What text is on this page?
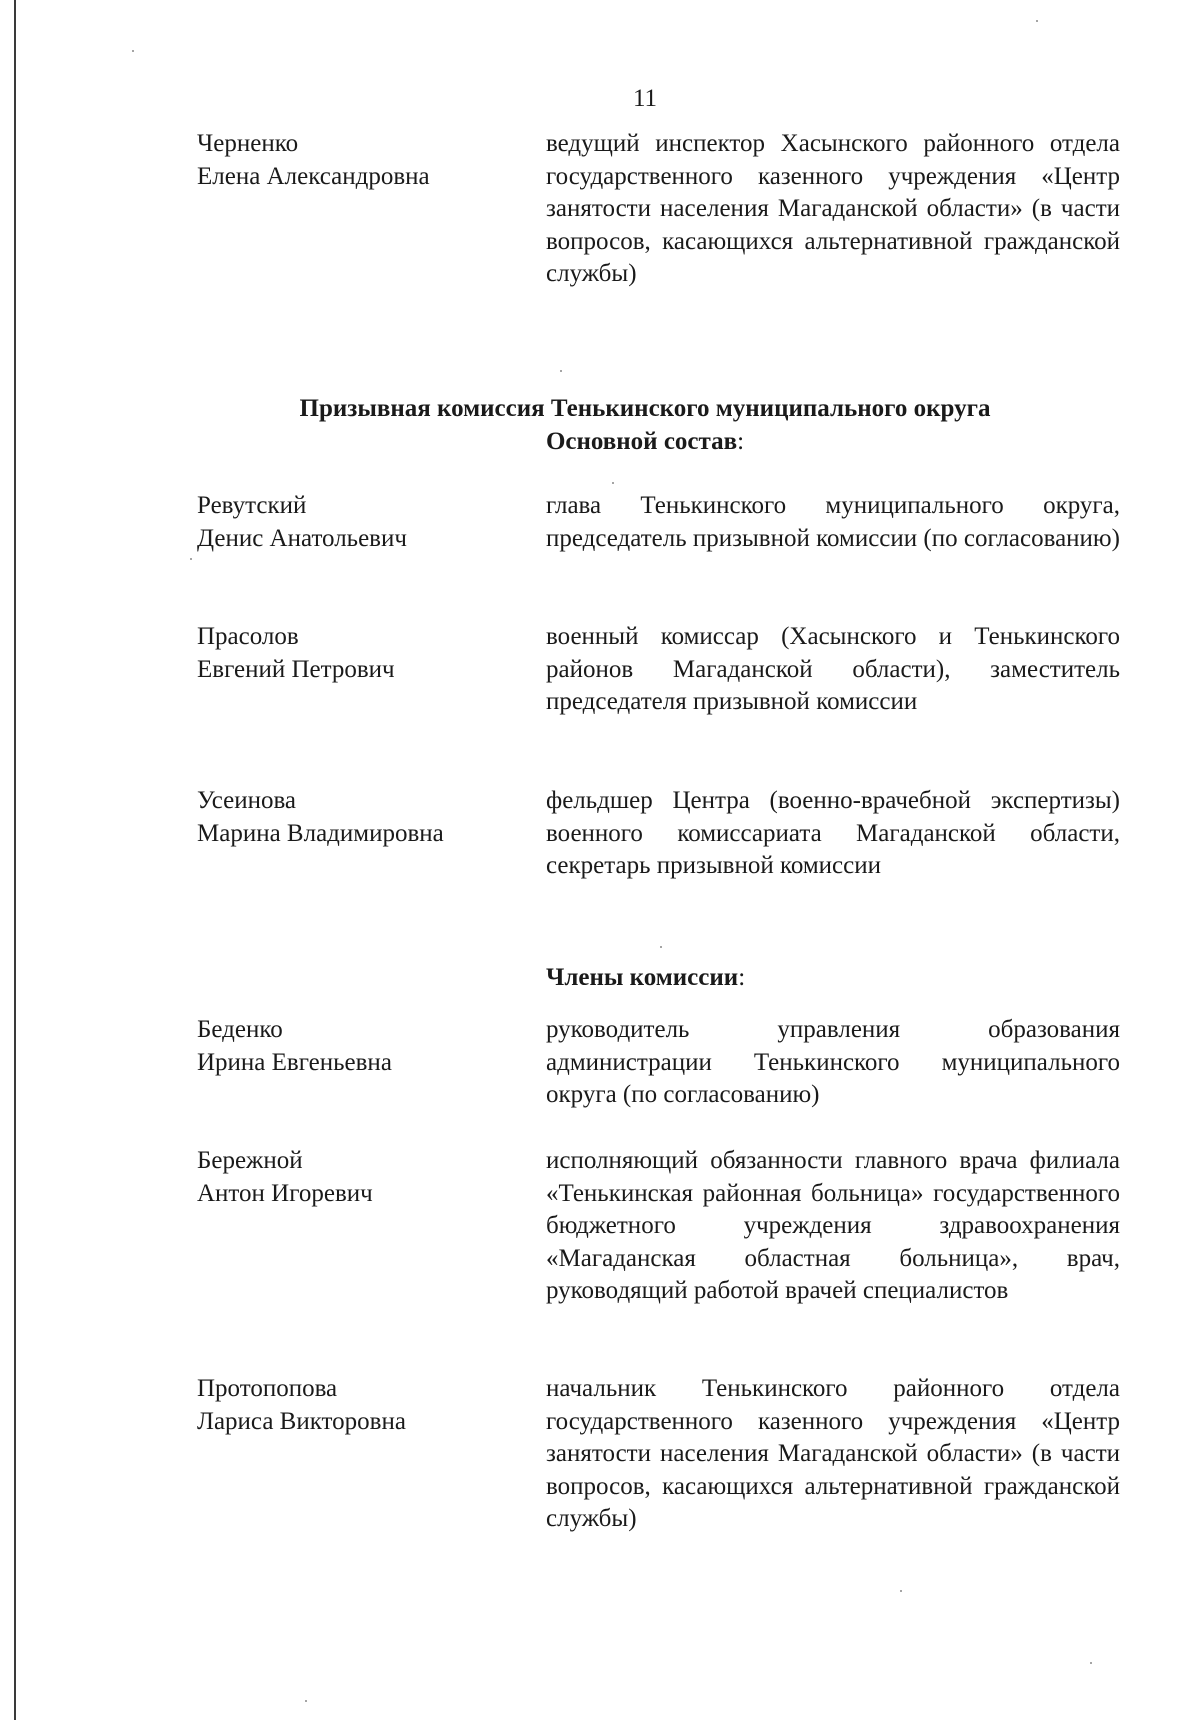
11
Черненко
Елена Александровна
ведущий инспектор Хасынского районного отдела государственного казенного учреждения «Центр занятости населения Магаданской области» (в части вопросов, касающихся альтернативной гражданской службы)
Призывная комиссия Тенькинского муниципального округа
Основной состав:
Ревутский
Денис Анатольевич
глава Тенькинского муниципального округа, председатель призывной комиссии (по согласованию)
Прасолов
Евгений Петрович
военный комиссар (Хасынского и Тенькинского районов Магаданской области), заместитель председателя призывной комиссии
Усеинова
Марина Владимировна
фельдшер Центра (военно-врачебной экспертизы) военного комиссариата Магаданской области, секретарь призывной комиссии
Члены комиссии:
Беденко
Ирина Евгеньевна
руководитель управления образования администрации Тенькинского муниципального округа (по согласованию)
Бережной
Антон Игоревич
исполняющий обязанности главного врача филиала «Тенькинская районная больница» государственного бюджетного учреждения здравоохранения «Магаданская областная больница», врач, руководящий работой врачей специалистов
Протопопова
Лариса Викторовна
начальник Тенькинского районного отдела государственного казенного учреждения «Центр занятости населения Магаданской области» (в части вопросов, касающихся альтернативной гражданской службы)
